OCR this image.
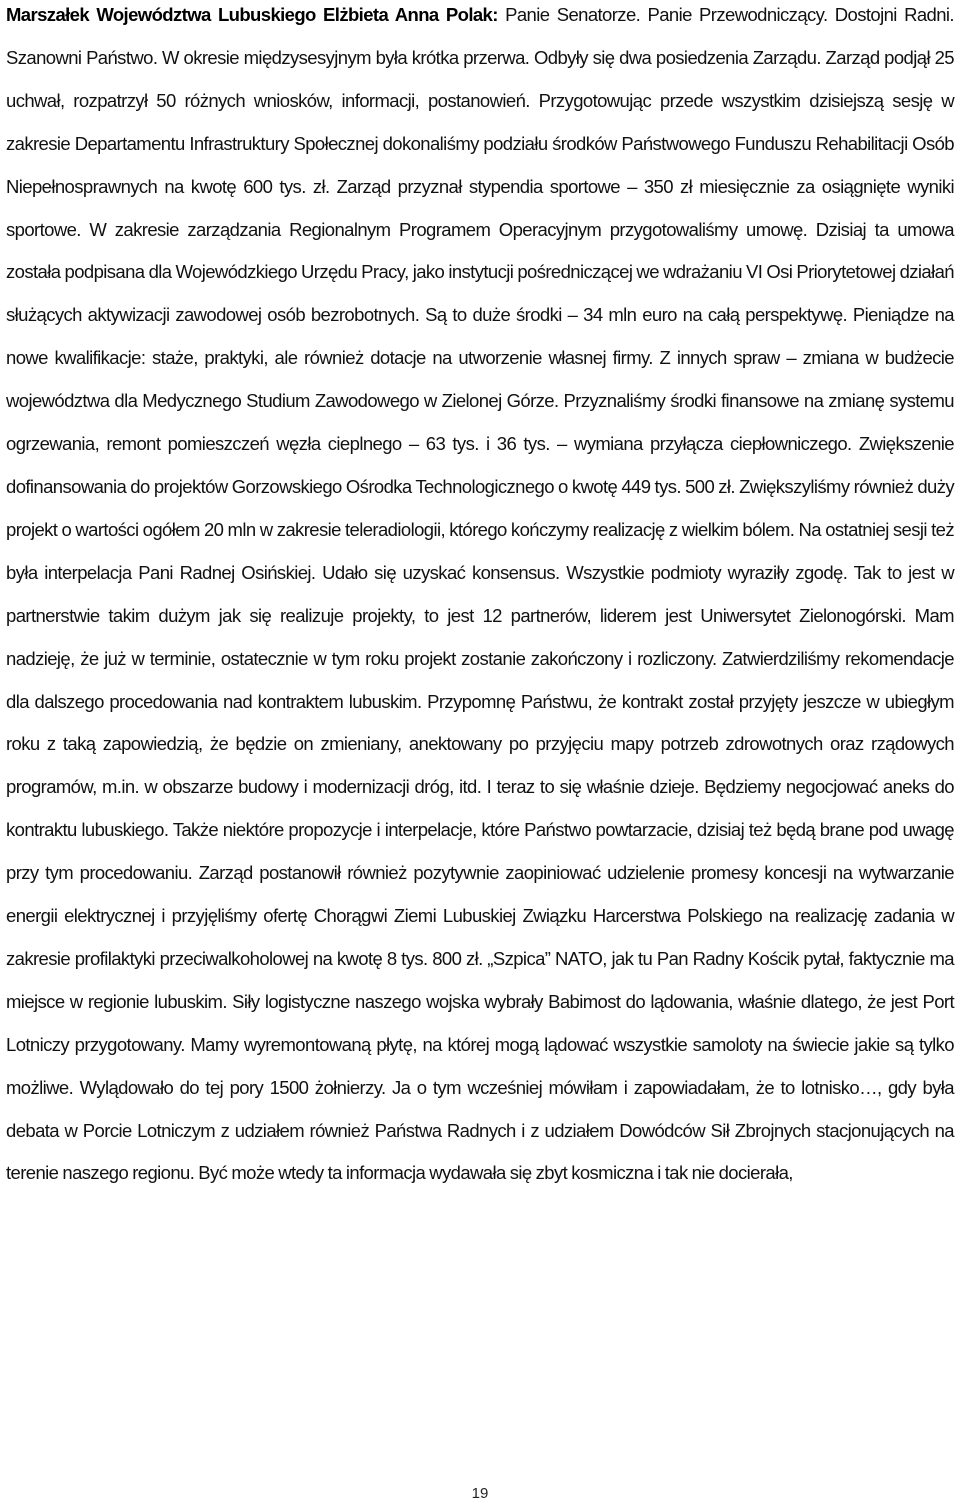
Marszałek Województwa Lubuskiego Elżbieta Anna Polak: Panie Senatorze. Panie Przewodniczący. Dostojni Radni. Szanowni Państwo. W okresie międzysesyjnym była krótka przerwa. Odbyły się dwa posiedzenia Zarządu. Zarząd podjął 25 uchwał, rozpatrzył 50 różnych wniosków, informacji, postanowień. Przygotowując przede wszystkim dzisiejszą sesję w zakresie Departamentu Infrastruktury Społecznej dokonaliśmy podziału środków Państwowego Funduszu Rehabilitacji Osób Niepełnosprawnych na kwotę 600 tys. zł. Zarząd przyznał stypendia sportowe – 350 zł miesięcznie za osiągnięte wyniki sportowe. W zakresie zarządzania Regionalnym Programem Operacyjnym przygotowaliśmy umowę. Dzisiaj ta umowa została podpisana dla Wojewódzkiego Urzędu Pracy, jako instytucji pośredniczącej we wdrażaniu VI Osi Priorytetowej działań służących aktywizacji zawodowej osób bezrobotnych. Są to duże środki – 34 mln euro na całą perspektywę. Pieniądze na nowe kwalifikacje: staże, praktyki, ale również dotacje na utworzenie własnej firmy. Z innych spraw – zmiana w budżecie województwa dla Medycznego Studium Zawodowego w Zielonej Górze. Przyznaliśmy środki finansowe na zmianę systemu ogrzewania, remont pomieszczeń węzła cieplnego – 63 tys. i 36 tys. – wymiana przyłącza ciepłowniczego. Zwiększenie dofinansowania do projektów Gorzowskiego Ośrodka Technologicznego o kwotę 449 tys. 500 zł. Zwiększyliśmy również duży projekt o wartości ogółem 20 mln w zakresie teleradiologii, którego kończymy realizację z wielkim bólem. Na ostatniej sesji też była interpelacja Pani Radnej Osińskiej. Udało się uzyskać konsensus. Wszystkie podmioty wyraziły zgodę. Tak to jest w partnerstwie takim dużym jak się realizuje projekty, to jest 12 partnerów, liderem jest Uniwersytet Zielonogórski. Mam nadzieję, że już w terminie, ostatecznie w tym roku projekt zostanie zakończony i rozliczony. Zatwierdziliśmy rekomendacje dla dalszego procedowania nad kontraktem lubuskim. Przypomnę Państwu, że kontrakt został przyjęty jeszcze w ubiegłym roku z taką zapowiedzią, że będzie on zmieniany, anektowany po przyjęciu mapy potrzeb zdrowotnych oraz rządowych programów, m.in. w obszarze budowy i modernizacji dróg, itd. I teraz to się właśnie dzieje. Będziemy negocjować aneks do kontraktu lubuskiego. Także niektóre propozycje i interpelacje, które Państwo powtarzacie, dzisiaj też będą brane pod uwagę przy tym procedowaniu. Zarząd postanowił również pozytywnie zaopiniować udzielenie promesy koncesji na wytwarzanie energii elektrycznej i przyjęliśmy ofertę Chorągwi Ziemi Lubuskiej Związku Harcerstwa Polskiego na realizację zadania w zakresie profilaktyki przeciwalkoholowej na kwotę 8 tys. 800 zł. „Szpica” NATO, jak tu Pan Radny Kościk pytał, faktycznie ma miejsce w regionie lubuskim. Siły logistyczne naszego wojska wybrały Babimost do lądowania, właśnie dlatego, że jest Port Lotniczy przygotowany. Mamy wyremontowaną płytę, na której mogą lądować wszystkie samoloty na świecie jakie są tylko możliwe. Wylądowało do tej pory 1500 żołnierzy. Ja o tym wcześniej mówiłam i zapowiadałam, że to lotnisko…, gdy była debata w Porcie Lotniczym z udziałem również Państwa Radnych i z udziałem Dowódców Sił Zbrojnych stacjonujących na terenie naszego regionu. Być może wtedy ta informacja wydawała się zbyt kosmiczna i tak nie docierała,

19
